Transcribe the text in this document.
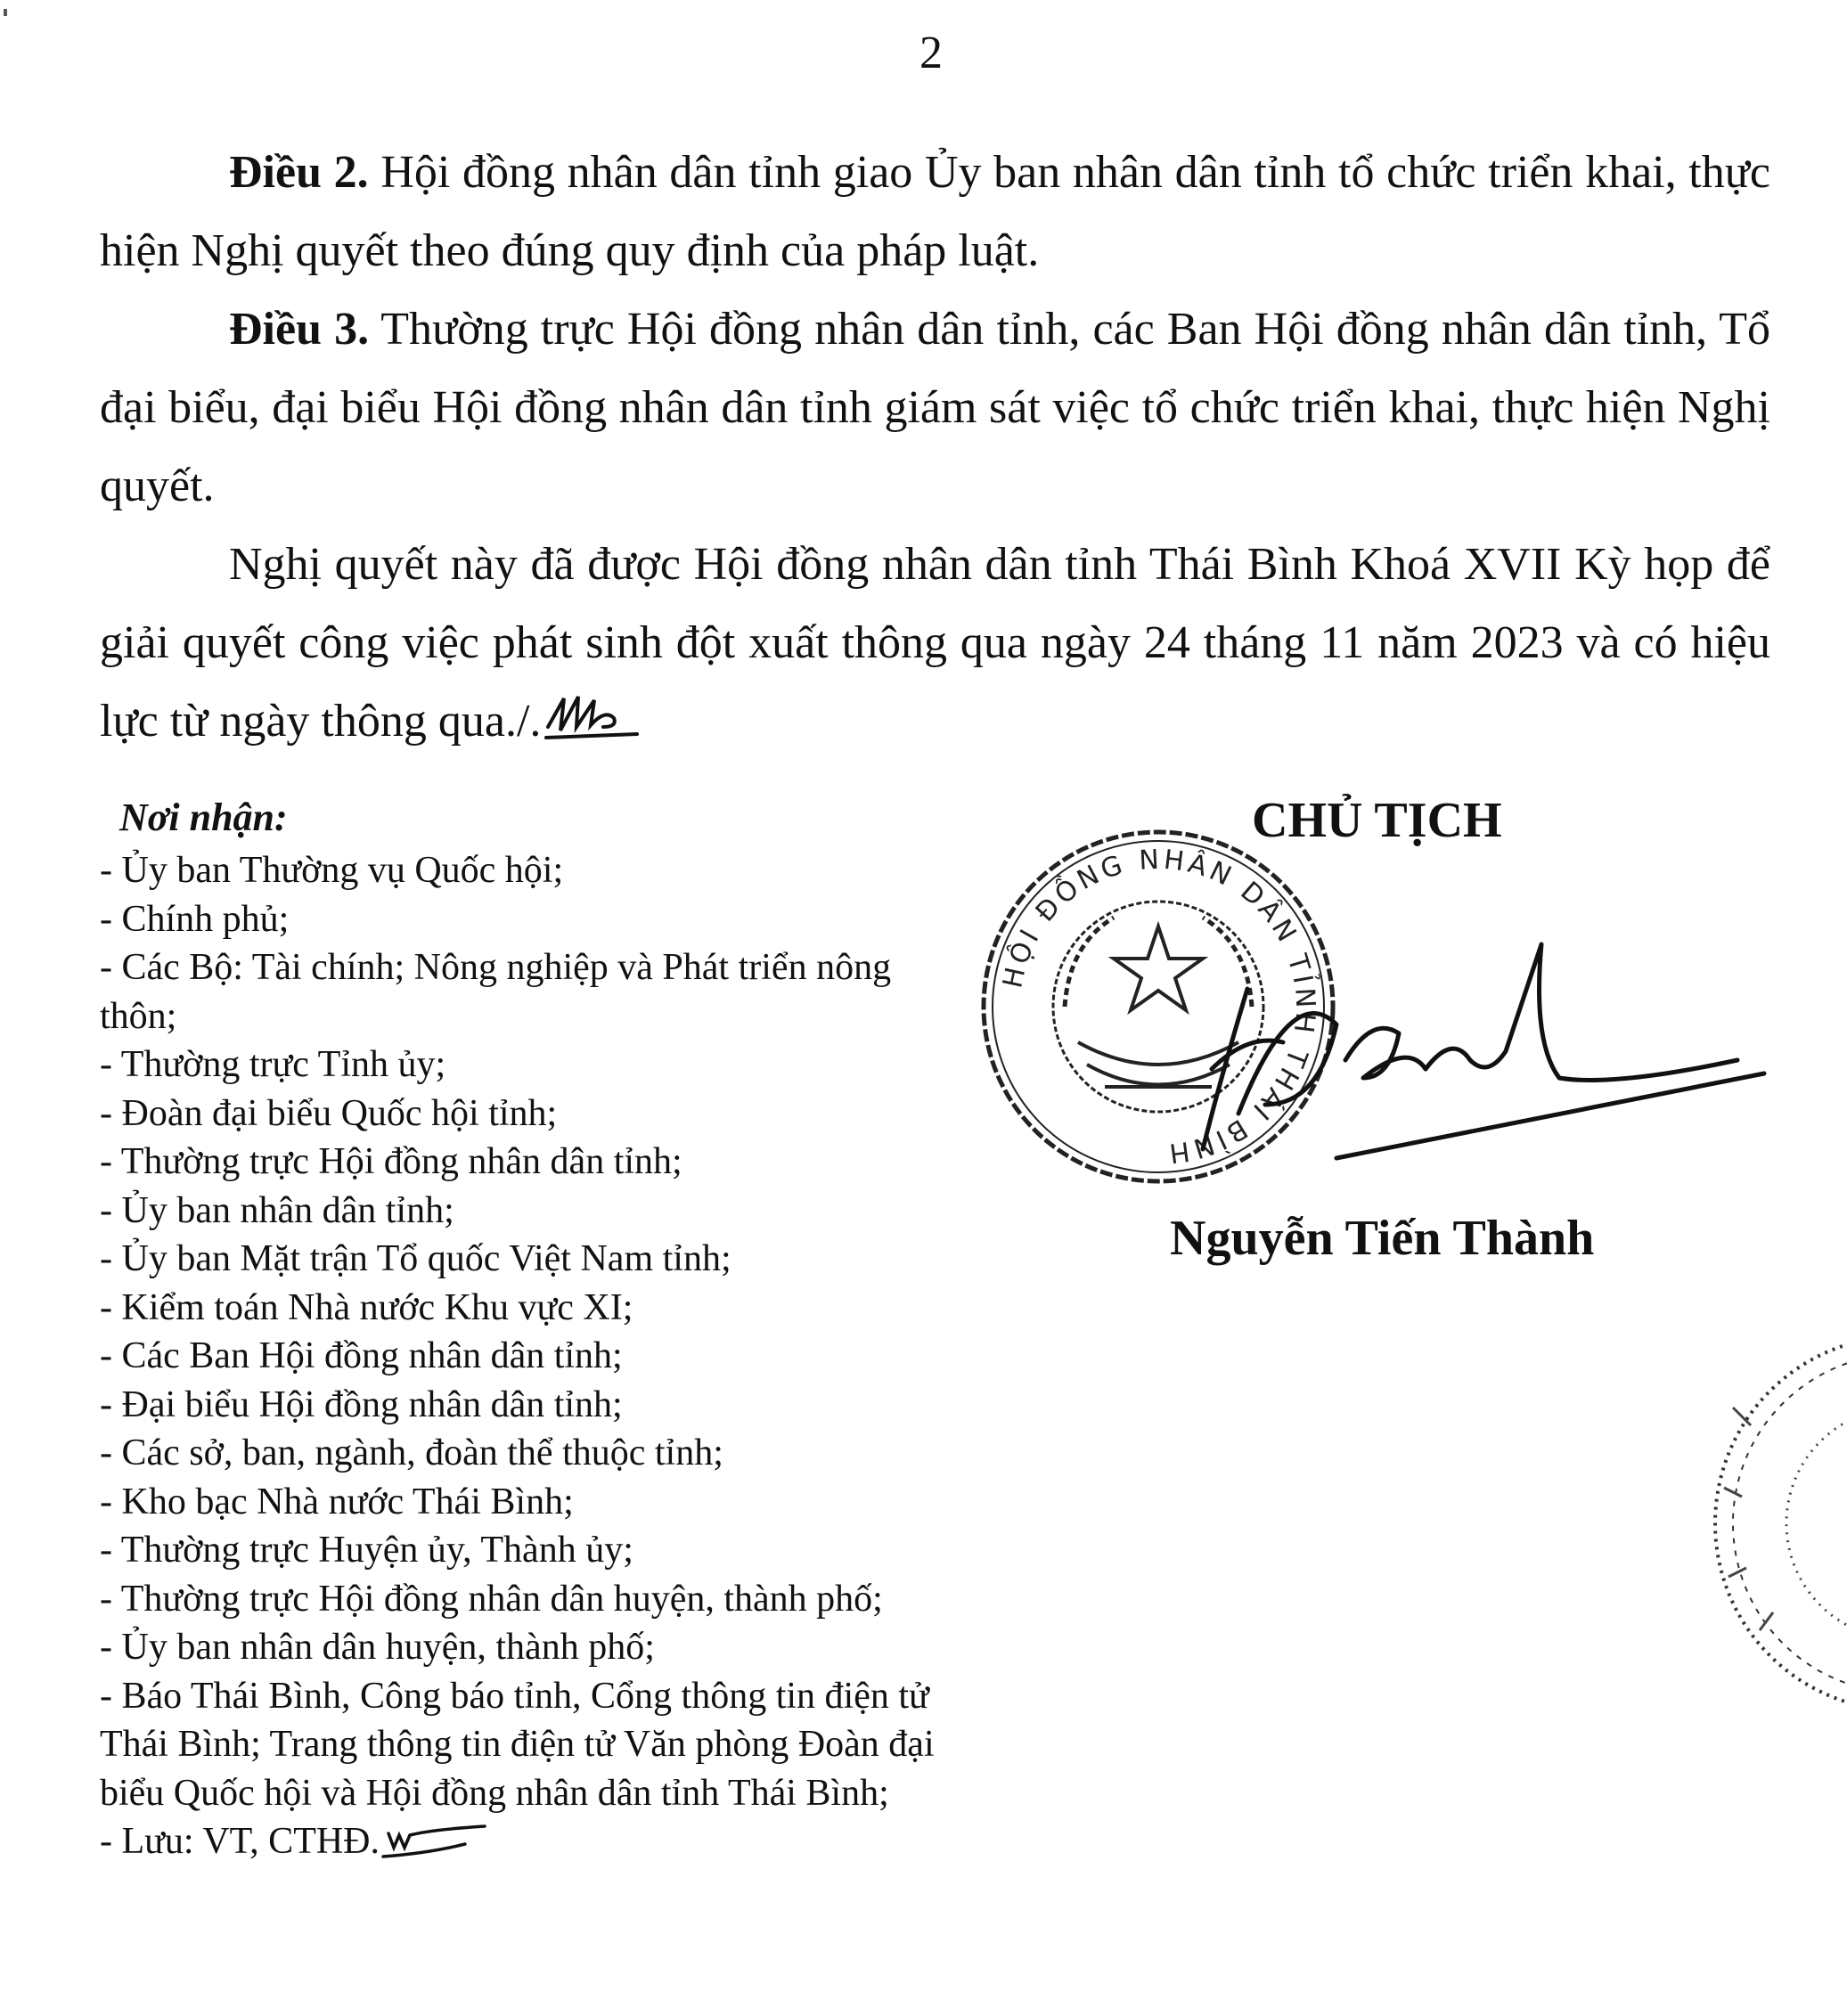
2

Điều 2. Hội đồng nhân dân tỉnh giao Ủy ban nhân dân tỉnh tổ chức triển khai, thực hiện Nghị quyết theo đúng quy định của pháp luật.

Điều 3. Thường trực Hội đồng nhân dân tỉnh, các Ban Hội đồng nhân dân tỉnh, Tổ đại biểu, đại biểu Hội đồng nhân dân tỉnh giám sát việc tổ chức triển khai, thực hiện Nghị quyết.

Nghị quyết này đã được Hội đồng nhân dân tỉnh Thái Bình Khoá XVII Kỳ họp để giải quyết công việc phát sinh đột xuất thông qua ngày 24 tháng 11 năm 2023 và có hiệu lực từ ngày thông qua./.

Nơi nhận:
- Ủy ban Thường vụ Quốc hội;
- Chính phủ;
- Các Bộ: Tài chính; Nông nghiệp và Phát triển nông thôn;
- Thường trực Tỉnh ủy;
- Đoàn đại biểu Quốc hội tỉnh;
- Thường trực Hội đồng nhân dân tỉnh;
- Ủy ban nhân dân tỉnh;
- Ủy ban Mặt trận Tổ quốc Việt Nam tỉnh;
- Kiểm toán Nhà nước Khu vực XI;
- Các Ban Hội đồng nhân dân tỉnh;
- Đại biểu Hội đồng nhân dân tỉnh;
- Các sở, ban, ngành, đoàn thể thuộc tỉnh;
- Kho bạc Nhà nước Thái Bình;
- Thường trực Huyện ủy, Thành ủy;
- Thường trực Hội đồng nhân dân huyện, thành phố;
- Ủy ban nhân dân huyện, thành phố;
- Báo Thái Bình, Công báo tỉnh, Cổng thông tin điện tử Thái Bình; Trang thông tin điện tử Văn phòng Đoàn đại biểu Quốc hội và Hội đồng nhân dân tỉnh Thái Bình;
- Lưu: VT, CTHĐ.
HỘI ĐỒNG NHÂN DÂN TỈNH THÁI BÌNH
CHỦ TỊCH
Nguyễn Tiến Thành
